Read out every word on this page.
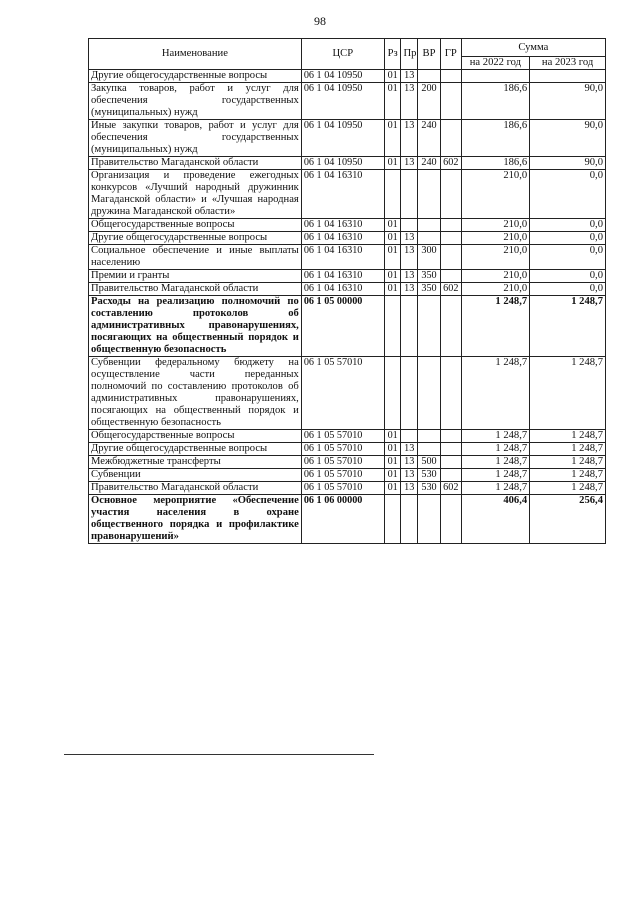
98
Наименование	ЦСР	Рз	Пр	ВР	ГР	Сумма	
						на 2022 год	на 2023 год
Другие общегосударственные вопросы	06 1 04 10950	01	13				
Закупка товаров, работ и услуг для обеспечения государственных (муниципальных) нужд	06 1 04 10950	01	13	200		186,6	90,0
Иные закупки товаров, работ и услуг для обеспечения государственных (муниципальных) нужд	06 1 04 10950	01	13	240		186,6	90,0
Правительство Магаданской области	06 1 04 10950	01	13	240	602	186,6	90,0
Организация и проведение ежегодных конкурсов «Лучший народный дружинник Магаданской области» и «Лучшая народная дружина Магаданской области»	06 1 04 16310					210,0	0,0
Общегосударственные вопросы	06 1 04 16310	01				210,0	0,0
Другие общегосударственные вопросы	06 1 04 16310	01	13			210,0	0,0
Социальное обеспечение и иные выплаты населению	06 1 04 16310	01	13	300		210,0	0,0
Премии и гранты	06 1 04 16310	01	13	350		210,0	0,0
Правительство Магаданской области	06 1 04 16310	01	13	350	602	210,0	0,0
Расходы на реализацию полномочий по составлению протоколов об административных правонарушениях, посягающих на общественный порядок и общественную безопасность	06 1 05 00000					1 248,7	1 248,7
Субвенции федеральному бюджету на осуществление части переданных полномочий по составлению протоколов об административных правонарушениях, посягающих на общественный порядок и общественную безопасность	06 1 05 57010					1 248,7	1 248,7
Общегосударственные вопросы	06 1 05 57010	01				1 248,7	1 248,7
Другие общегосударственные вопросы	06 1 05 57010	01	13			1 248,7	1 248,7
Межбюджетные трансферты	06 1 05 57010	01	13	500		1 248,7	1 248,7
Субвенции	06 1 05 57010	01	13	530		1 248,7	1 248,7
Правительство Магаданской области	06 1 05 57010	01	13	530	602	1 248,7	1 248,7
Основное мероприятие «Обеспечение участия населения в охране общественного порядка и профилактике правонарушений»	06 1 06 00000					406,4	256,4
